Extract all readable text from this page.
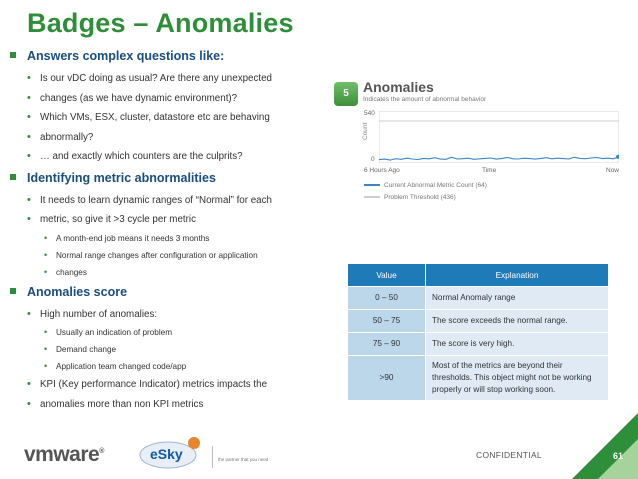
Badges – Anomalies
Answers complex questions like:
• Is our vDC doing as usual? Are there any unexpected
• changes (as we have dynamic environment)?
• Which VMs, ESX, cluster, datastore etc are behaving
• abnormally?
• … and exactly which counters are the culprits?
Identifying metric abnormalities
• It needs to learn dynamic ranges of “Normal” for each
• metric, so give it >3 cycle per metric
• A month-end job means it needs 3 months
• Normal range changes after configuration or application
• changes
Anomalies score
• High number of anomalies:
• Usually an indication of problem
• Demand change
• Application team changed code/app
• KPI (Key performance Indicator) metrics impacts the
• anomalies more than non KPI metrics
5	Anomalies
Indicates the amount of abnormal behavior
540
0
Count
6 Hours Ago	Time	Now
Current Abnormal Metric Count (64)
Problem Threshold (436)
Value	Explanation
0 – 50	Normal Anomaly range
50 – 75	The score exceeds the normal range.
75 – 90	The score is very high.
>90	Most of the metrics are beyond their thresholds. This object might not be working properly or will stop working soon.
vmware®	eSky	the partner that you need	CONFIDENTIAL	61
